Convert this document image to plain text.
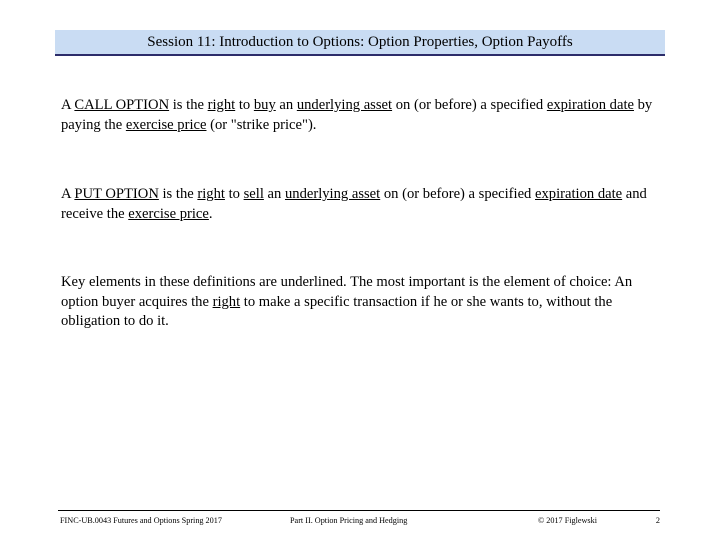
Session 11: Introduction to Options: Option Properties, Option Payoffs

A CALL OPTION is the right to buy an underlying asset on (or before) a specified expiration date by paying the exercise price (or "strike price").

A PUT OPTION is the right to sell an underlying asset on (or before) a specified expiration date and receive the exercise price.

Key elements in these definitions are underlined. The most important is the element of choice: An option buyer acquires the right to make a specific transaction if he or she wants to, without the obligation to do it.

FINC-UB.0043 Futures and Options Spring 2017	Part II. Option Pricing and Hedging	© 2017 Figlewski	2
